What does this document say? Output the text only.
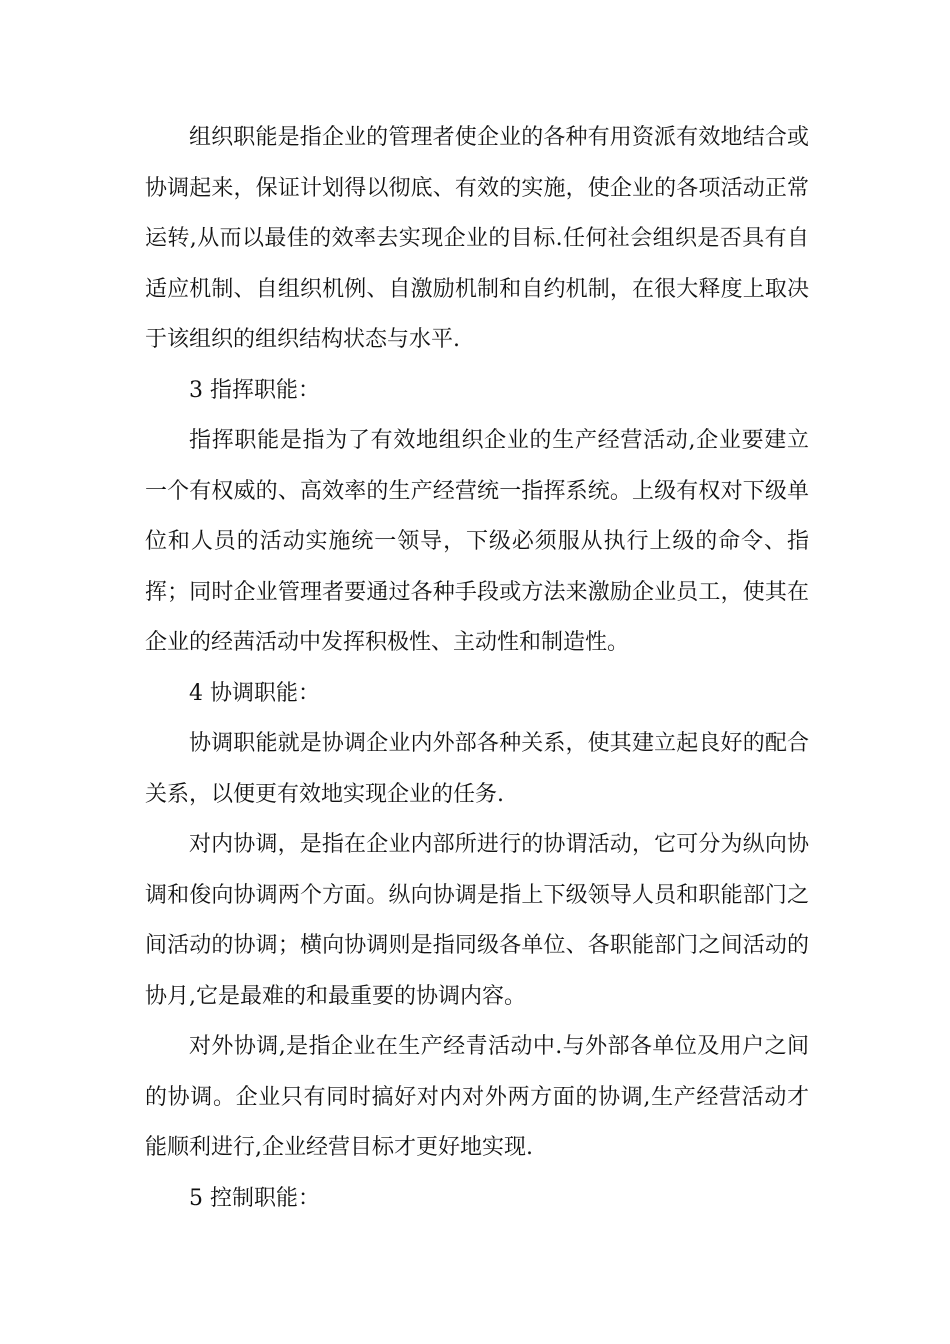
组织职能是指企业的管理者使企业的各种有用资派有效地结合或协调起来，保证计划得以彻底、有效的实施，使企业的各项活动正常运转,从而以最佳的效率去实现企业的目标.任何社会组织是否具有自适应机制、自组织机例、自激励机制和自约机制，在很大释度上取决于该组织的组织结构状态与水平.

3 指挥职能：

指挥职能是指为了有效地组织企业的生产经营活动,企业要建立一个有权威的、高效率的生产经营统一指挥系统。上级有权对下级单位和人员的活动实施统一领导，下级必须服从执行上级的命令、指挥；同时企业管理者要通过各种手段或方法来激励企业员工，使其在企业的经茜活动中发挥积极性、主动性和制造性。

4 协调职能：

协调职能就是协调企业内外部各种关系，使其建立起良好的配合关系，以便更有效地实现企业的任务.

对内协调，是指在企业内部所进行的协谓活动，它可分为纵向协调和俊向协调两个方面。纵向协调是指上下级领导人员和职能部门之间活动的协调；横向协调则是指同级各单位、各职能部门之间活动的协月,它是最难的和最重要的协调内容。

对外协调,是指企业在生产经青活动中.与外部各单位及用户之间的协调。企业只有同时搞好对内对外两方面的协调,生产经营活动才能顺利进行,企业经营目标才更好地实现.

5 控制职能：
